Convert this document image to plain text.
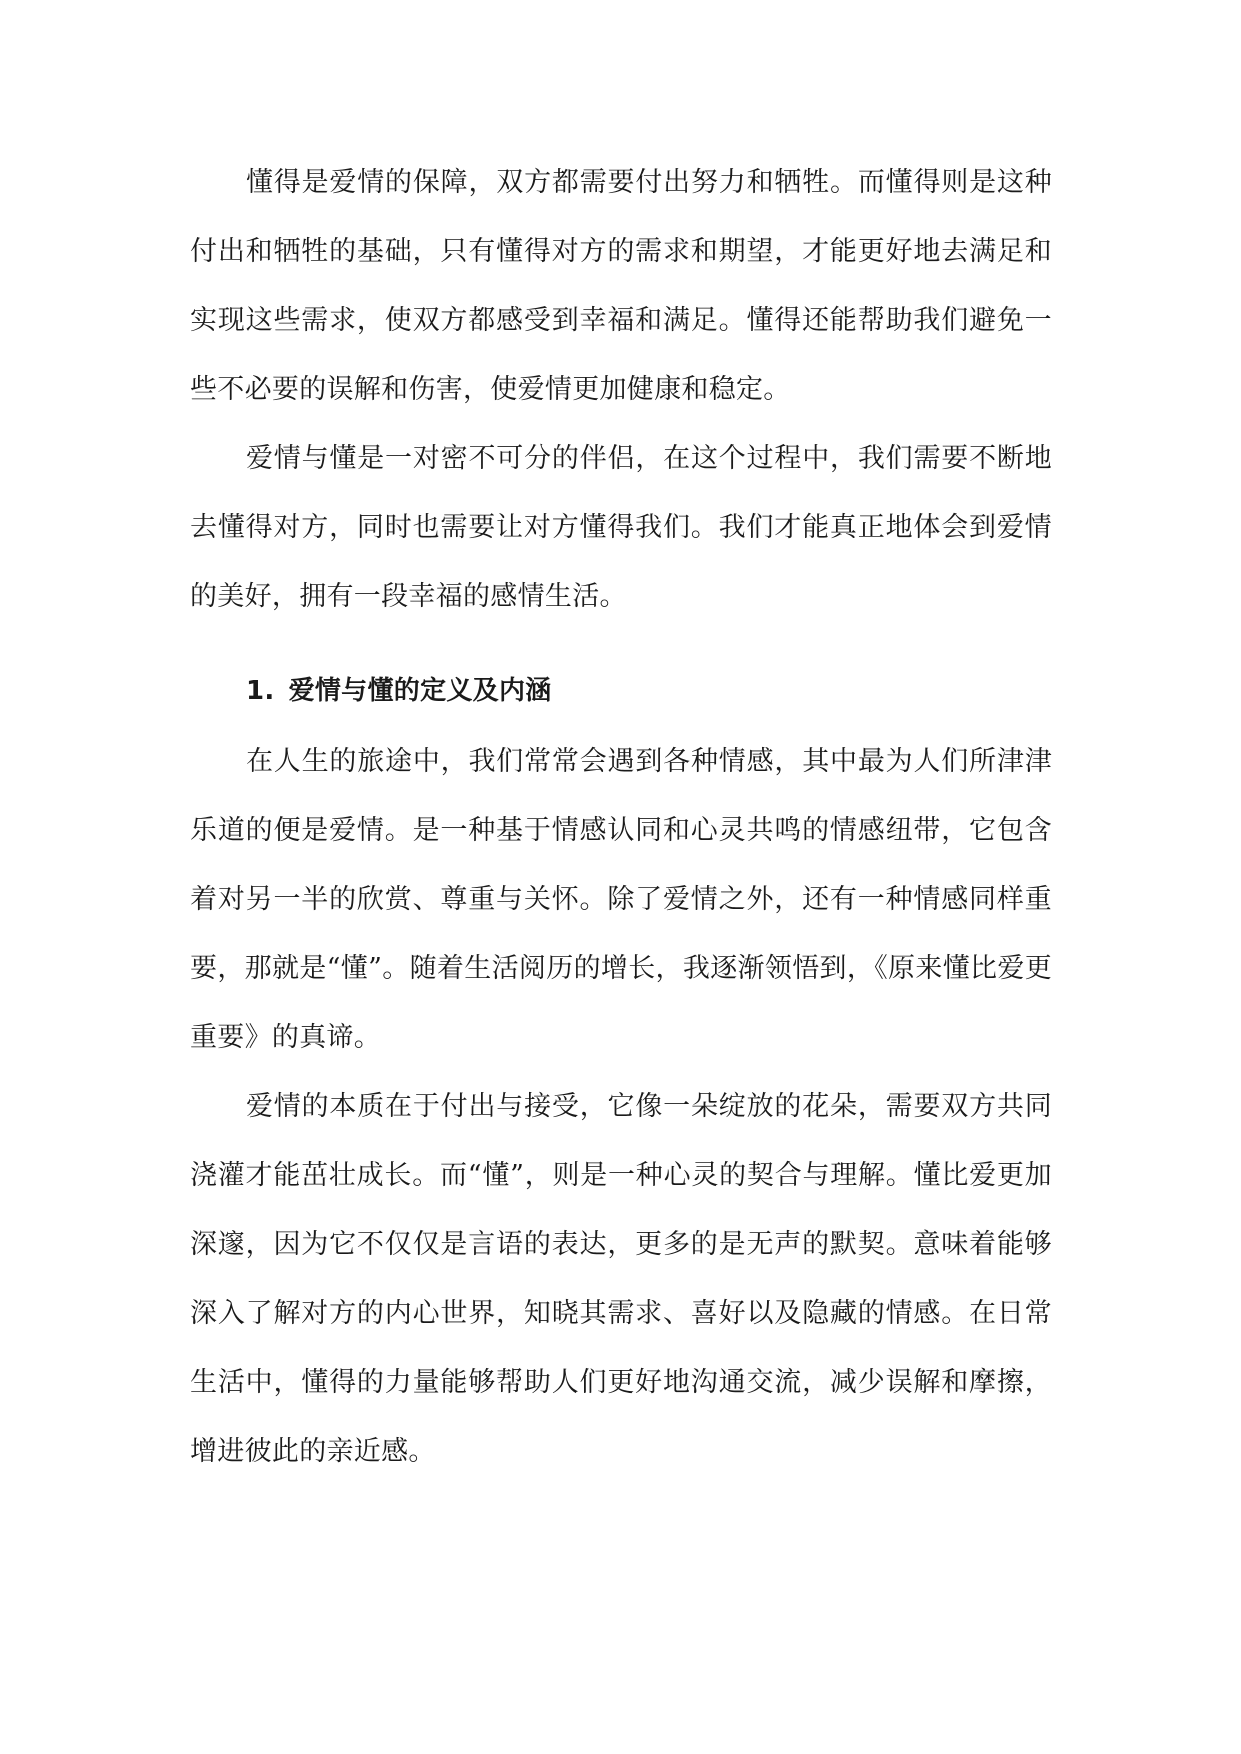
懂得是爱情的保障，双方都需要付出努力和牺牲。而懂得则是这种付出和牺牲的基础，只有懂得对方的需求和期望，才能更好地去满足和实现这些需求，使双方都感受到幸福和满足。懂得还能帮助我们避免一些不必要的误解和伤害，使爱情更加健康和稳定。

爱情与懂是一对密不可分的伴侣，在这个过程中，我们需要不断地去懂得对方，同时也需要让对方懂得我们。我们才能真正地体会到爱情的美好，拥有一段幸福的感情生活。

1. 爱情与懂的定义及内涵

在人生的旅途中，我们常常会遇到各种情感，其中最为人们所津津乐道的便是爱情。是一种基于情感认同和心灵共鸣的情感纽带，它包含着对另一半的欣赏、尊重与关怀。除了爱情之外，还有一种情感同样重要，那就是“懂”。随着生活阅历的增长，我逐渐领悟到，《原来懂比爱更重要》的真谛。

爱情的本质在于付出与接受，它像一朵绽放的花朵，需要双方共同浇灌才能茁壮成长。而“懂”，则是一种心灵的契合与理解。懂比爱更加深邃，因为它不仅仅是言语的表达，更多的是无声的默契。意味着能够深入了解对方的内心世界，知晓其需求、喜好以及隐藏的情感。在日常生活中，懂得的力量能够帮助人们更好地沟通交流，减少误解和摩擦，增进彼此的亲近感。
